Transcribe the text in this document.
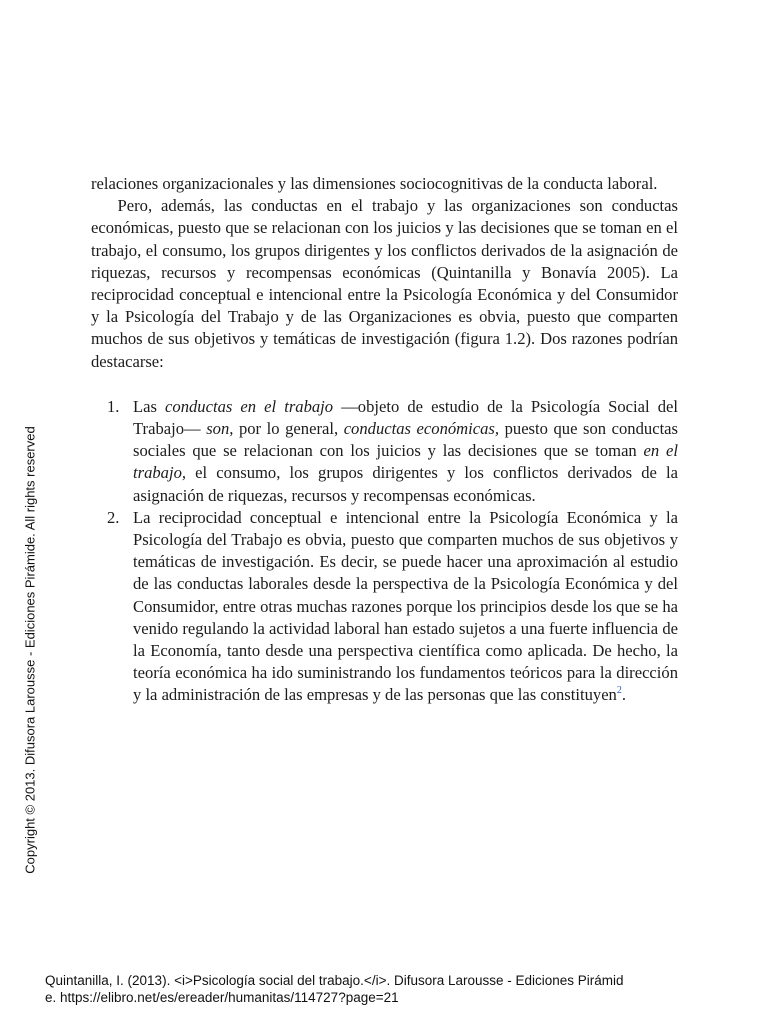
relaciones organizacionales y las dimensiones sociocognitivas de la conducta laboral.

Pero, además, las conductas en el trabajo y las organizaciones son conductas económicas, puesto que se relacionan con los juicios y las decisiones que se toman en el trabajo, el consumo, los grupos dirigentes y los conflictos derivados de la asignación de riquezas, recursos y recompensas económicas (Quintanilla y Bonavía 2005). La reciprocidad conceptual e intencional entre la Psicología Económica y del Consumidor y la Psicología del Trabajo y de las Organizaciones es obvia, puesto que comparten muchos de sus objetivos y temáticas de investigación (figura 1.2). Dos razones podrían destacarse:

1. Las conductas en el trabajo —objeto de estudio de la Psicología Social del Trabajo— son, por lo general, conductas económicas, puesto que son conductas sociales que se relacionan con los juicios y las decisiones que se toman en el trabajo, el consumo, los grupos dirigentes y los conflictos derivados de la asignación de riquezas, recursos y recompensas económicas.
2. La reciprocidad conceptual e intencional entre la Psicología Económica y la Psicología del Trabajo es obvia, puesto que comparten muchos de sus objetivos y temáticas de investigación. Es decir, se puede hacer una aproximación al estudio de las conductas laborales desde la perspectiva de la Psicología Económica y del Consumidor, entre otras muchas razones porque los principios desde los que se ha venido regulando la actividad laboral han estado sujetos a una fuerte influencia de la Economía, tanto desde una perspectiva científica como aplicada. De hecho, la teoría económica ha ido suministrando los fundamentos teóricos para la dirección y la administración de las empresas y de las personas que las constituyen$^2$.
Copyright © 2013. Difusora Larousse - Ediciones Pirámide. All rights reserved
Quintanilla, I. (2013). <i>Psicología social del trabajo.</i>. Difusora Larousse - Ediciones Pirámid
e. https://elibro.net/es/ereader/humanitas/114727?page=21
